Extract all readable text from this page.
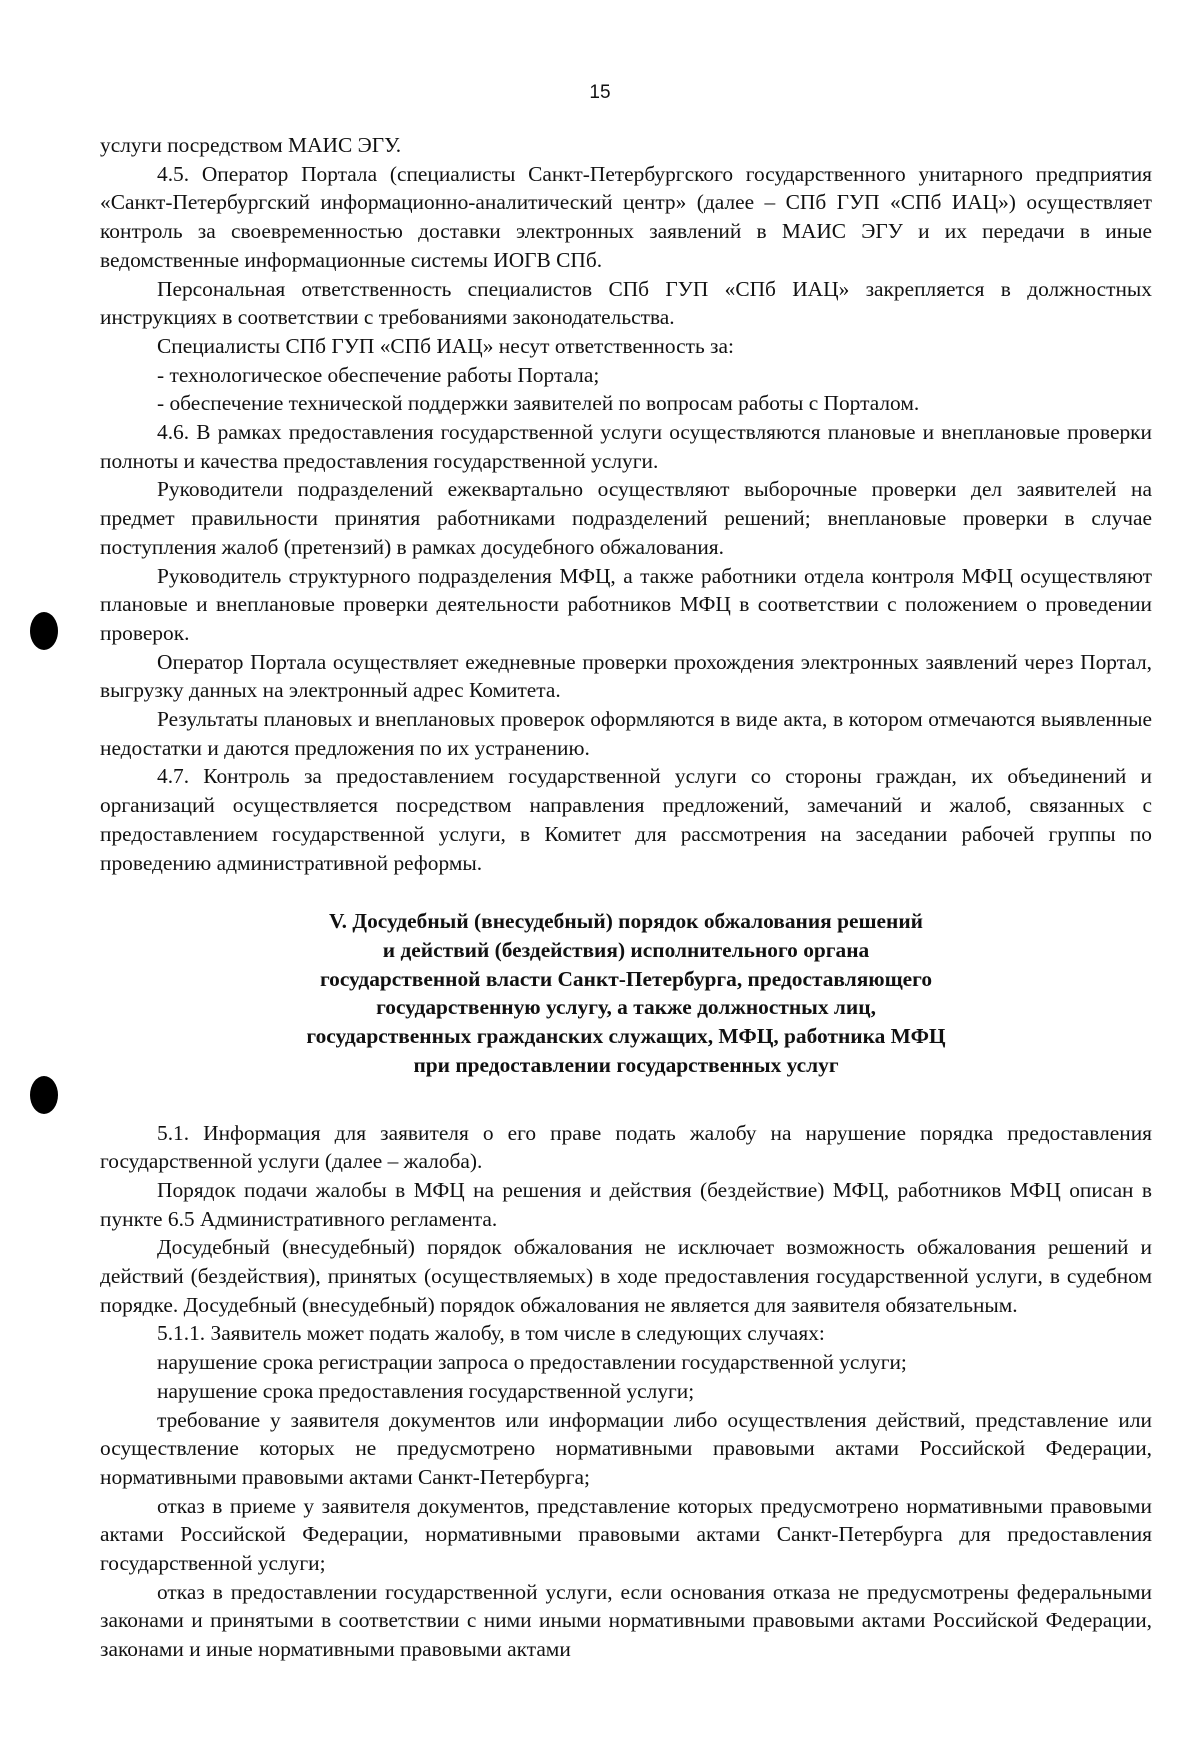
15

услуги посредством МАИС ЭГУ.

4.5. Оператор Портала (специалисты Санкт-Петербургского государственного унитарного предприятия «Санкт-Петербургский информационно-аналитический центр» (далее – СПб ГУП «СПб ИАЦ») осуществляет контроль за своевременностью доставки электронных заявлений в МАИС ЭГУ и их передачи в иные ведомственные информационные системы ИОГВ СПб.

Персональная ответственность специалистов СПб ГУП «СПб ИАЦ» закрепляется в должностных инструкциях в соответствии с требованиями законодательства.

Специалисты СПб ГУП «СПб ИАЦ» несут ответственность за:

- технологическое обеспечение работы Портала;

- обеспечение технической поддержки заявителей по вопросам работы с Порталом.

4.6. В рамках предоставления государственной услуги осуществляются плановые и внеплановые проверки полноты и качества предоставления государственной услуги.

Руководители подразделений ежеквартально осуществляют выборочные проверки дел заявителей на предмет правильности принятия работниками подразделений решений; внеплановые проверки в случае поступления жалоб (претензий) в рамках досудебного обжалования.

Руководитель структурного подразделения МФЦ, а также работники отдела контроля МФЦ осуществляют плановые и внеплановые проверки деятельности работников МФЦ в соответствии с положением о проведении проверок.

Оператор Портала осуществляет ежедневные проверки прохождения электронных заявлений через Портал, выгрузку данных на электронный адрес Комитета.

Результаты плановых и внеплановых проверок оформляются в виде акта, в котором отмечаются выявленные недостатки и даются предложения по их устранению.

4.7. Контроль за предоставлением государственной услуги со стороны граждан, их объединений и организаций осуществляется посредством направления предложений, замечаний и жалоб, связанных с предоставлением государственной услуги, в Комитет для рассмотрения на заседании рабочей группы по проведению административной реформы.

V. Досудебный (внесудебный) порядок обжалования решений
и действий (бездействия) исполнительного органа
государственной власти Санкт-Петербурга, предоставляющего
государственную услугу, а также должностных лиц,
государственных гражданских служащих, МФЦ, работника МФЦ
при предоставлении государственных услуг

5.1. Информация для заявителя о его праве подать жалобу на нарушение порядка предоставления государственной услуги (далее – жалоба).

Порядок подачи жалобы в МФЦ на решения и действия (бездействие) МФЦ, работников МФЦ описан в пункте 6.5 Административного регламента.

Досудебный (внесудебный) порядок обжалования не исключает возможность обжалования решений и действий (бездействия), принятых (осуществляемых) в ходе предоставления государственной услуги, в судебном порядке. Досудебный (внесудебный) порядок обжалования не является для заявителя обязательным.

5.1.1. Заявитель может подать жалобу, в том числе в следующих случаях:

нарушение срока регистрации запроса о предоставлении государственной услуги;

нарушение срока предоставления государственной услуги;

требование у заявителя документов или информации либо осуществления действий, представление или осуществление которых не предусмотрено нормативными правовыми актами Российской Федерации, нормативными правовыми актами Санкт-Петербурга;

отказ в приеме у заявителя документов, представление которых предусмотрено нормативными правовыми актами Российской Федерации, нормативными правовыми актами Санкт-Петербурга для предоставления государственной услуги;

отказ в предоставлении государственной услуги, если основания отказа не предусмотрены федеральными законами и принятыми в соответствии с ними иными нормативными правовыми актами Российской Федерации, законами и иные нормативными правовыми актами
